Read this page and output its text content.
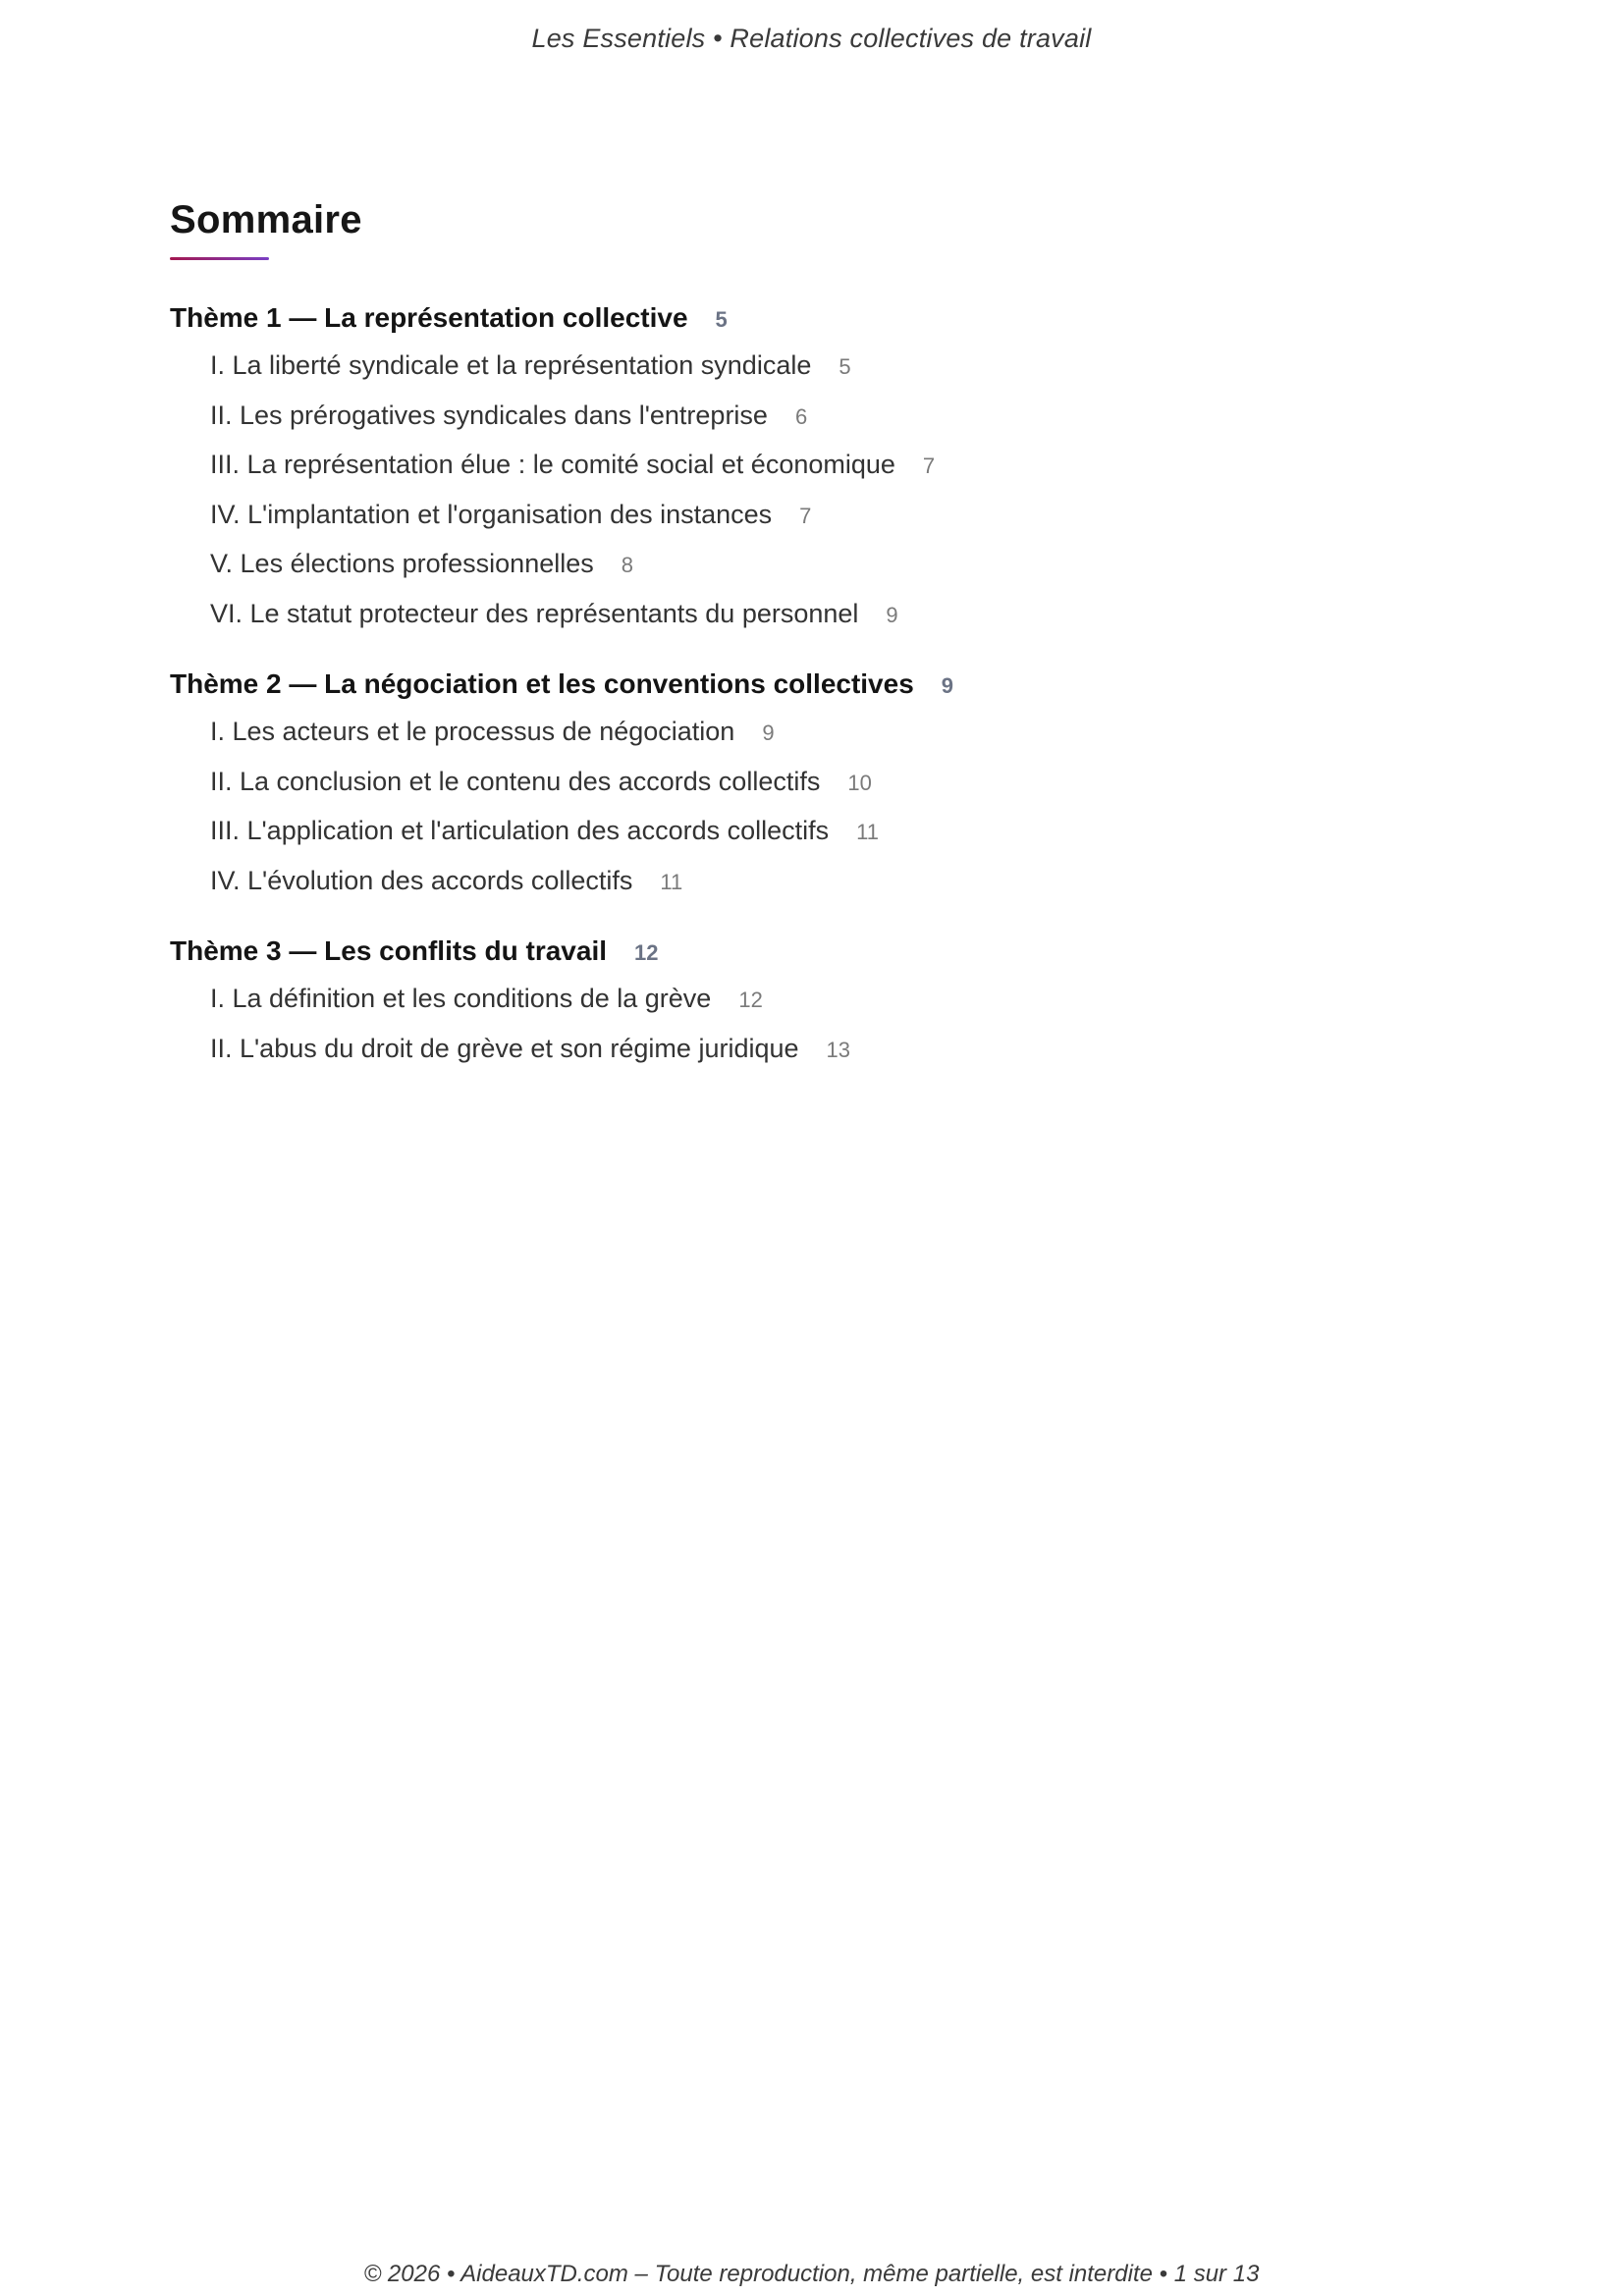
Les Essentiels • Relations collectives de travail
Sommaire
Thème 1 — La représentation collective 5
I. La liberté syndicale et la représentation syndicale 5
II. Les prérogatives syndicales dans l'entreprise 6
III. La représentation élue : le comité social et économique 7
IV. L'implantation et l'organisation des instances 7
V. Les élections professionnelles 8
VI. Le statut protecteur des représentants du personnel 9
Thème 2 — La négociation et les conventions collectives 9
I. Les acteurs et le processus de négociation 9
II. La conclusion et le contenu des accords collectifs 10
III. L'application et l'articulation des accords collectifs 11
IV. L'évolution des accords collectifs 11
Thème 3 — Les conflits du travail 12
I. La définition et les conditions de la grève 12
II. L'abus du droit de grève et son régime juridique 13
© 2026 • AideauxTD.com – Toute reproduction, même partielle, est interdite • 1 sur 13
